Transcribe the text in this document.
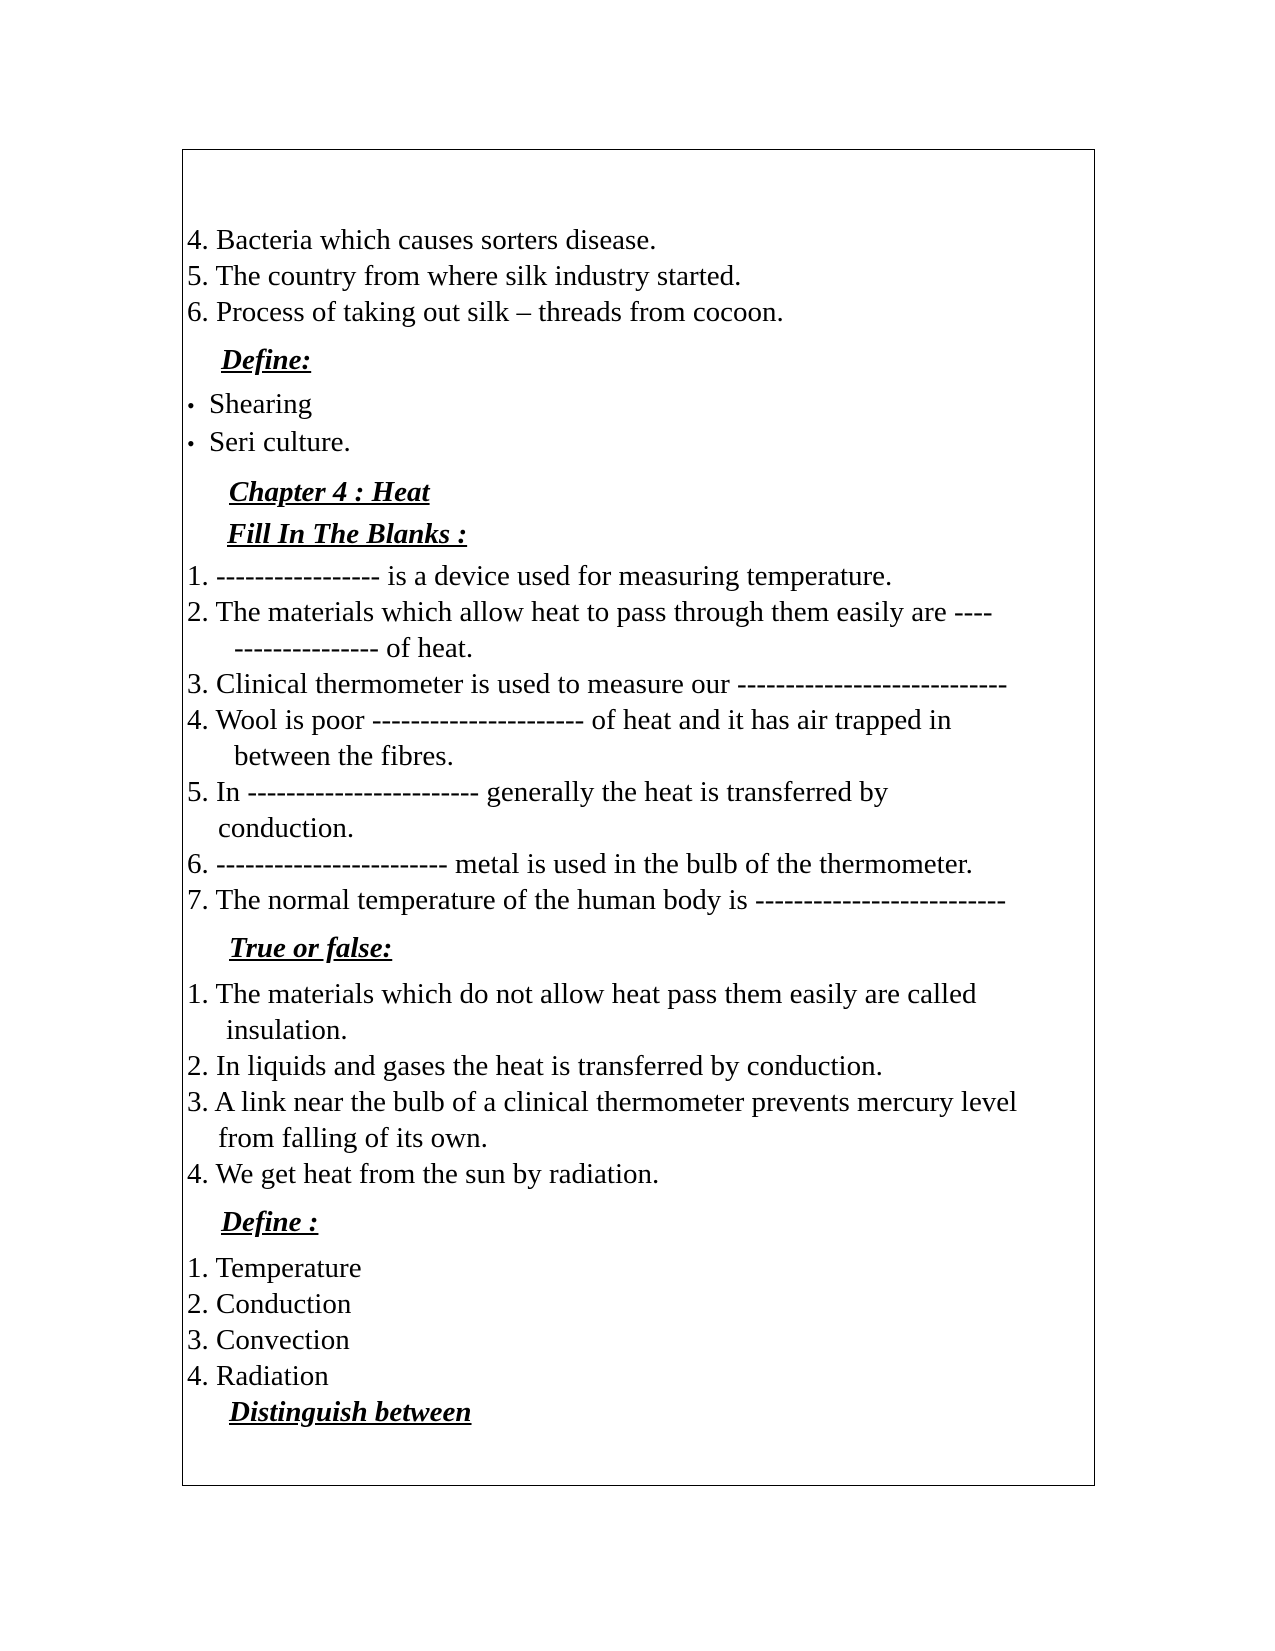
4. Bacteria which causes sorters disease.
5. The country from where silk industry started.
6. Process of taking out silk – threads from cocoon.
Define:
• Shearing
• Seri culture.
Chapter 4 : Heat
Fill In The Blanks :
1. ----------------- is a device used for measuring temperature.
2. The materials which allow heat to pass through them easily are ----
--------------- of heat.
3. Clinical thermometer is used to measure our ----------------------------
4. Wool is poor ---------------------- of heat and it has air trapped in
between the fibres.
5. In ------------------------ generally the heat is transferred by
conduction.
6. ------------------------ metal is used in the bulb of the thermometer.
7. The normal temperature of the human body is --------------------------
True or false:
1. The materials which do not allow heat pass them easily are called
insulation.
2. In liquids and gases the heat is transferred by conduction.
3. A link near the bulb of a clinical thermometer prevents mercury level
from falling of its own.
4. We get heat from the sun by radiation.
Define :
1. Temperature
2. Conduction
3. Convection
4. Radiation
Distinguish between
